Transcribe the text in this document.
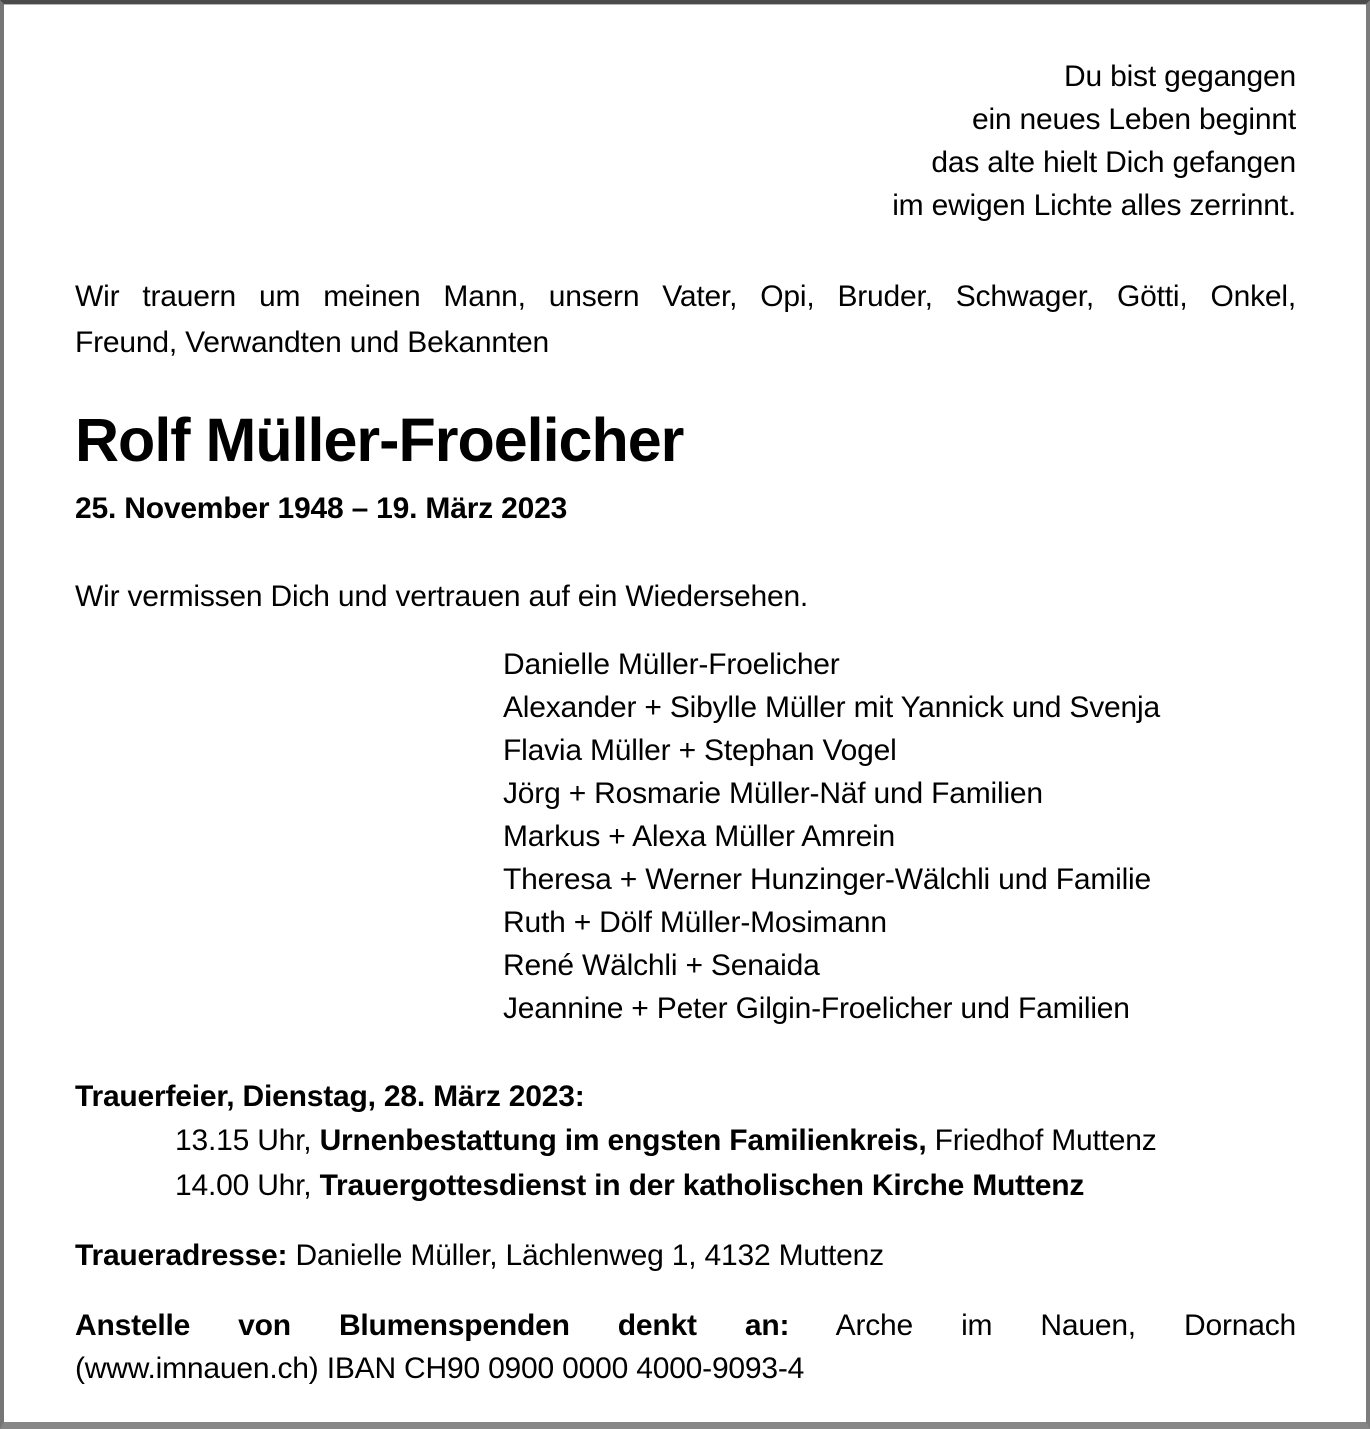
Du bist gegangen
ein neues Leben beginnt
das alte hielt Dich gefangen
im ewigen Lichte alles zerrinnt.
Wir trauern um meinen Mann, unsern Vater, Opi, Bruder, Schwager, Götti, Onkel,
Freund, Verwandten und Bekannten
Rolf Müller-Froelicher
25. November 1948 – 19. März 2023

Wir vermissen Dich und vertrauen auf ein Wiedersehen.

Danielle Müller-Froelicher
Alexander + Sibylle Müller mit Yannick und Svenja
Flavia Müller + Stephan Vogel
Jörg + Rosmarie Müller-Näf und Familien
Markus + Alexa Müller Amrein
Theresa + Werner Hunzinger-Wälchli und Familie
Ruth + Dölf Müller-Mosimann
René Wälchli + Senaida
Jeannine + Peter Gilgin-Froelicher und Familien
Trauerfeier, Dienstag, 28. März 2023:
13.15 Uhr, Urnenbestattung im engsten Familienkreis, Friedhof Muttenz
14.00 Uhr, Trauergottesdienst in der katholischen Kirche Muttenz

Traueradresse: Danielle Müller, Lächlenweg 1, 4132 Muttenz

Anstelle von Blumenspenden denkt an: Arche im Nauen, Dornach
(www.imnauen.ch) IBAN CH90 0900 0000 4000-9093-4
